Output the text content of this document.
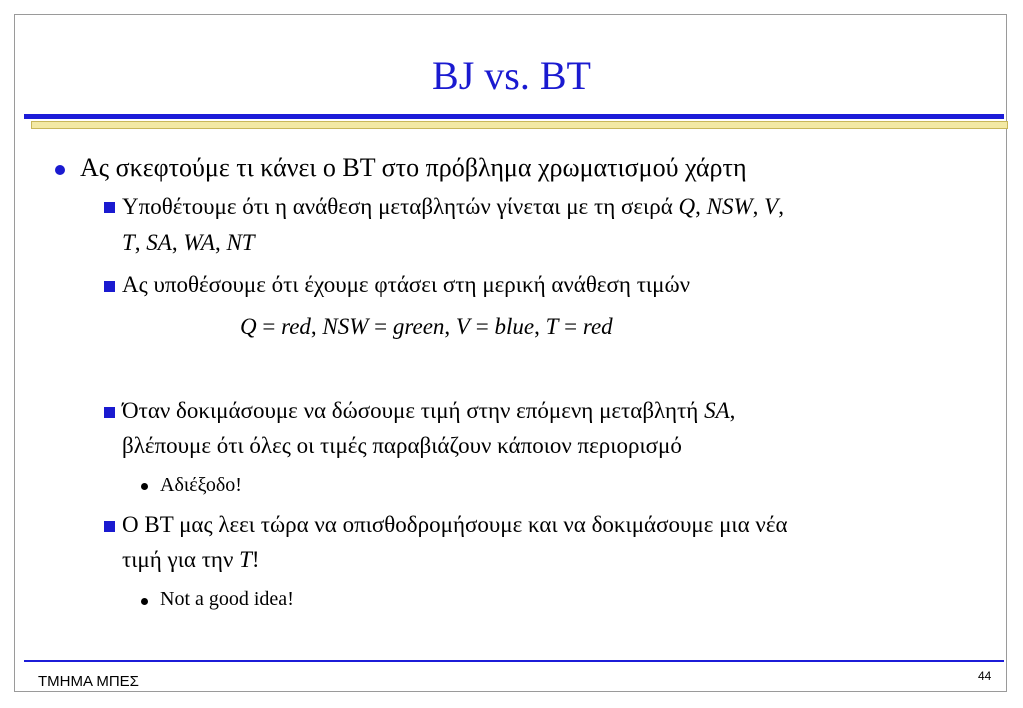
BJ vs. BT
Ας σκεφτούμε τι κάνει ο BT στο πρόβλημα χρωματισμού χάρτη
Υποθέτουμε ότι η ανάθεση μεταβλητών γίνεται με τη σειρά Q, NSW, V,
T, SA, WA, NT
Ας υποθέσουμε ότι έχουμε φτάσει στη μερική ανάθεση τιμών
Q = red, NSW = green, V = blue, T = red
Όταν δοκιμάσουμε να δώσουμε τιμή στην επόμενη μεταβλητή SA,
βλέπουμε ότι όλες οι τιμές παραβιάζουν κάποιον περιορισμό
Αδιέξοδο!
O BT μας λεει τώρα να οπισθοδρομήσουμε και να δοκιμάσουμε μια νέα
τιμή για την T!
Not a good idea!
ΤΜΗΜΑ ΜΠΕΣ	44
